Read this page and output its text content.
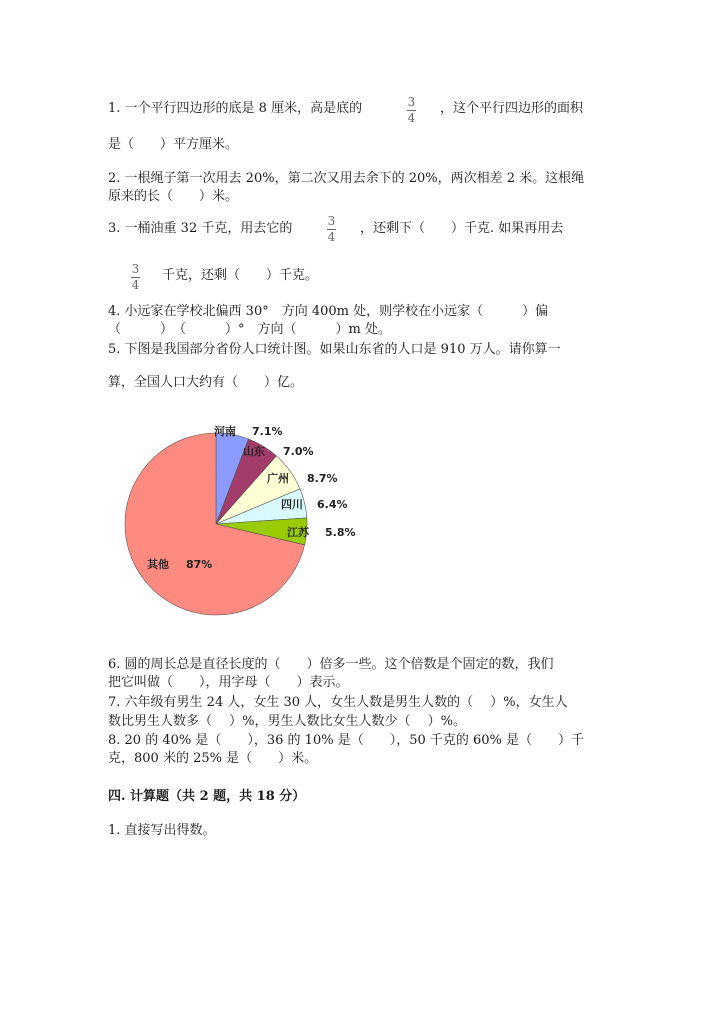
1. 一个平行四边形的底是 8 厘米，高是底的	3
4
，这个平行四边形的面积
是（　　）平方厘米。
2. 一根绳子第一次用去 20%，第二次又用去余下的 20%，两次相差 2 米。这根绳
原来的长（　　）米。
3. 一桶油重 32 千克，用去它的	3
4
，还剩下（　　）千克. 如果再用去
3
4
千克，还剩（　　）千克。
4. 小远家在学校北偏西 30°　方向 400m 处，则学校在小远家（　　　）偏
（　　　）　（　　　）°　方向（　　　）m 处。
5. 下图是我国部分省份人口统计图。如果山东省的人口是 910 万人。请你算一
算，全国人口大约有（　　）亿。
河南 7.1%
山东 7.0%
广州 8.7%
四川 6.4%
江苏 5.8%
其他 87%
6. 圆的周长总是直径长度的（　　）倍多一些。这个倍数是个固定的数，我们
把它叫做（　　），用字母（　　）表示。
7. 六年级有男生 24 人，女生 30 人，女生人数是男生人数的（　 ）%，女生人
数比男生人数多（　 ）%，男生人数比女生人数少（　 ）%。
8. 20 的 40% 是（　　），36 的 10% 是（　　），50 千克的 60% 是（　　）千
克，800 米的 25% 是（　　）米。
四. 计算题（共 2 题，共 18 分）
1. 直接写出得数。
